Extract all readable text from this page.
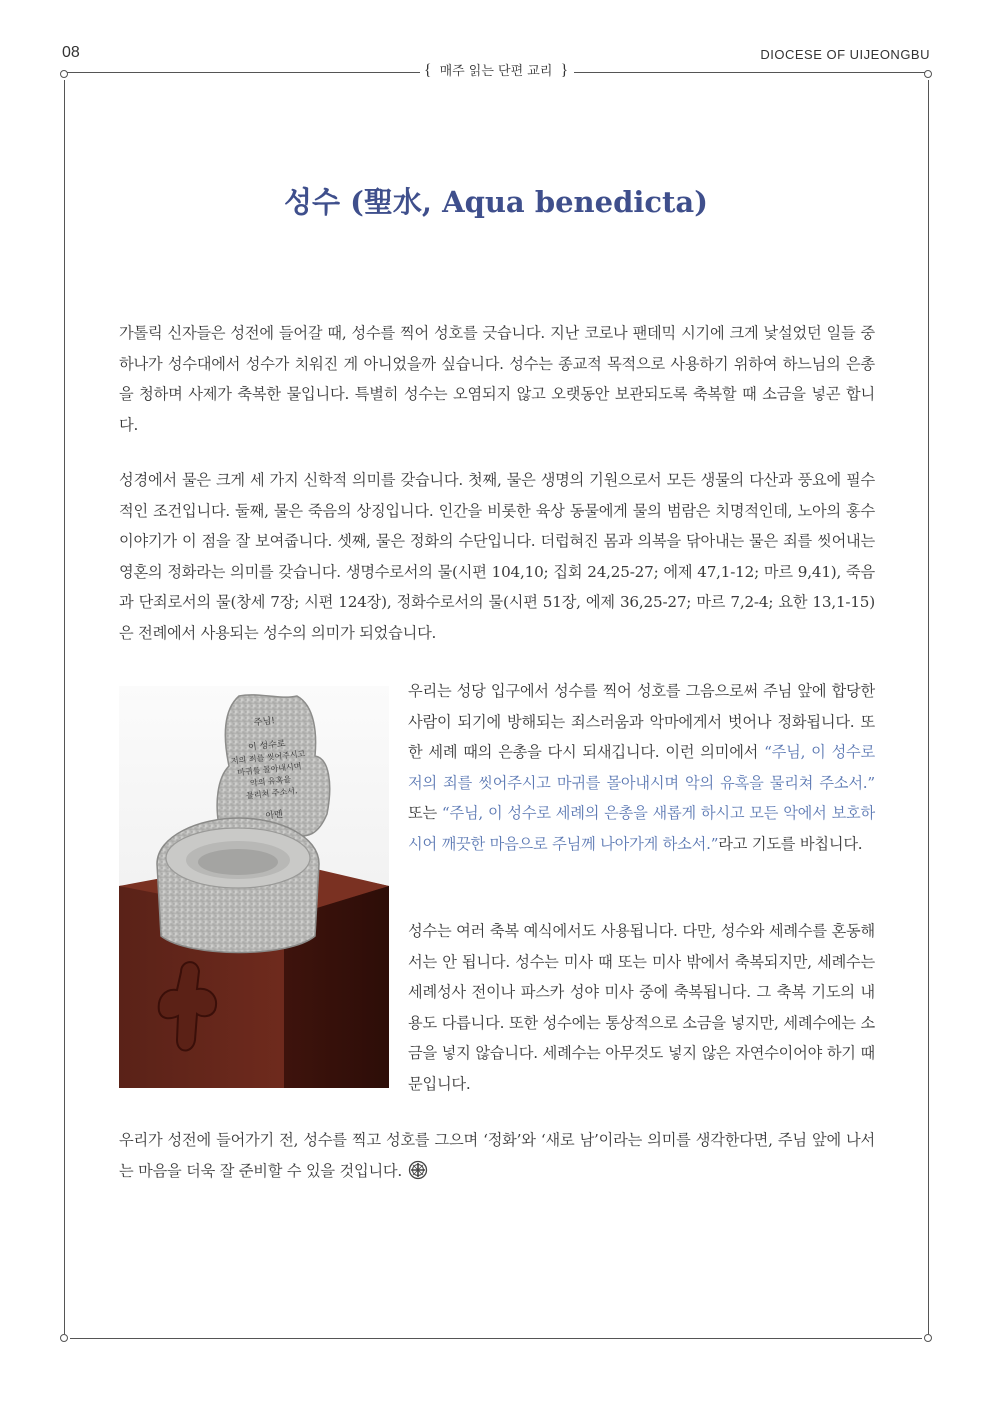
08	DIOCESE OF UIJEONGBU
{ 매주 읽는 단편 교리 }
성수 (聖水, Aqua benedicta)

가톨릭 신자들은 성전에 들어갈 때, 성수를 찍어 성호를 긋습니다. 지난 코로나 팬데믹 시기에 크게 낯설었던 일들 중 하나가 성수대에서 성수가 치워진 게 아니었을까 싶습니다. 성수는 종교적 목적으로 사용하기 위하여 하느님의 은총을 청하며 사제가 축복한 물입니다. 특별히 성수는 오염되지 않고 오랫동안 보관되도록 축복할 때 소금을 넣곤 합니다.

성경에서 물은 크게 세 가지 신학적 의미를 갖습니다. 첫째, 물은 생명의 기원으로서 모든 생물의 다산과 풍요에 필수적인 조건입니다. 둘째, 물은 죽음의 상징입니다. 인간을 비롯한 육상 동물에게 물의 범람은 치명적인데, 노아의 홍수 이야기가 이 점을 잘 보여줍니다. 셋째, 물은 정화의 수단입니다. 더럽혀진 몸과 의복을 닦아내는 물은 죄를 씻어내는 영혼의 정화라는 의미를 갖습니다. 생명수로서의 물(시편 104,10; 집회 24,25-27; 에제 47,1-12; 마르 9,41), 죽음과 단죄로서의 물(창세 7장; 시편 124장), 정화수로서의 물(시편 51장, 에제 36,25-27; 마르 7,2-4; 요한 13,1-15)은 전례에서 사용되는 성수의 의미가 되었습니다.

주님!
이 성수로
저의 죄를 씻어주시고
마귀를 몰아내시며
악의 유혹을
물리쳐 주소서.
아멘

우리는 성당 입구에서 성수를 찍어 성호를 그음으로써 주님 앞에 합당한 사람이 되기에 방해되는 죄스러움과 악마에게서 벗어나 정화됩니다. 또한 세례 때의 은총을 다시 되새깁니다. 이런 의미에서 “주님, 이 성수로 저의 죄를 씻어주시고 마귀를 몰아내시며 악의 유혹을 물리쳐 주소서.” 또는 “주님, 이 성수로 세례의 은총을 새롭게 하시고 모든 악에서 보호하시어 깨끗한 마음으로 주님께 나아가게 하소서.”라고 기도를 바칩니다.

성수는 여러 축복 예식에서도 사용됩니다. 다만, 성수와 세례수를 혼동해서는 안 됩니다. 성수는 미사 때 또는 미사 밖에서 축복되지만, 세례수는 세례성사 전이나 파스카 성야 미사 중에 축복됩니다. 그 축복 기도의 내용도 다릅니다. 또한 성수에는 통상적으로 소금을 넣지만, 세례수에는 소금을 넣지 않습니다. 세례수는 아무것도 넣지 않은 자연수이어야 하기 때문입니다.

우리가 성전에 들어가기 전, 성수를 찍고 성호를 그으며 ‘정화’와 ‘새로 남’이라는 의미를 생각한다면, 주님 앞에 나서는 마음을 더욱 잘 준비할 수 있을 것입니다.
